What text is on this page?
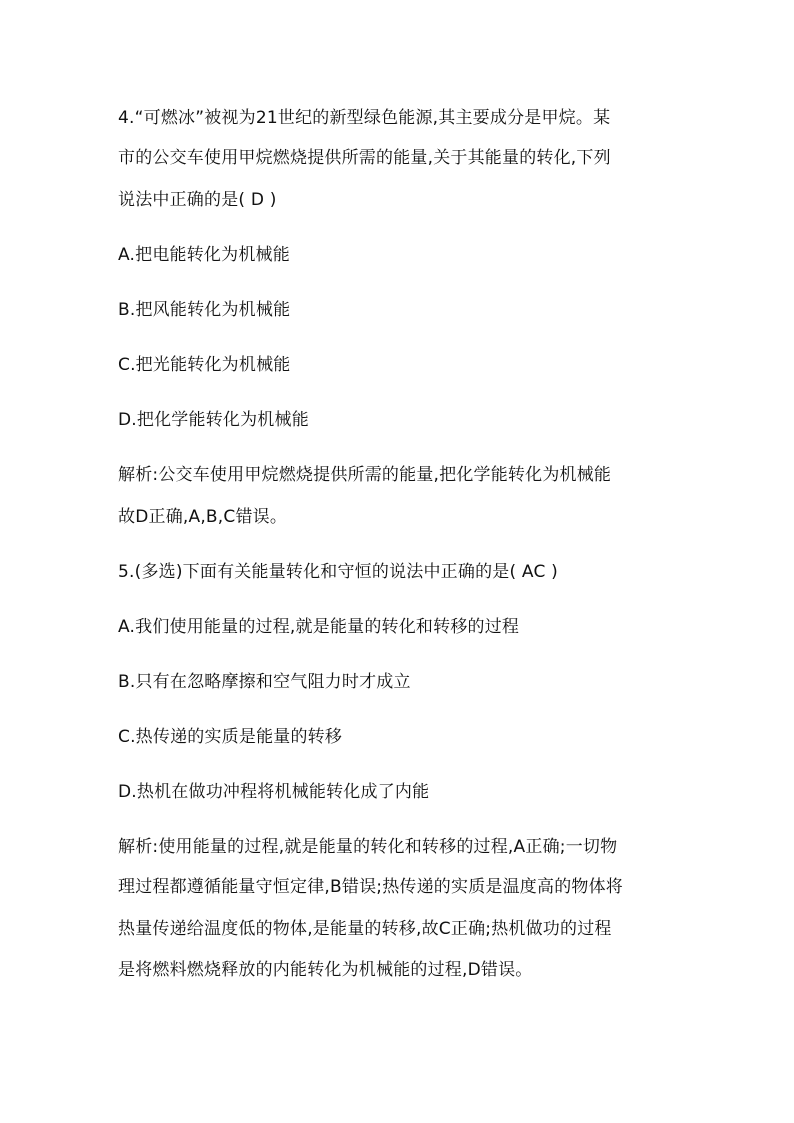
4.“可燃冰”被视为21世纪的新型绿色能源,其主要成分是甲烷。某
市的公交车使用甲烷燃烧提供所需的能量,关于其能量的转化,下列
说法中正确的是( D )
A.把电能转化为机械能
B.把风能转化为机械能
C.把光能转化为机械能
D.把化学能转化为机械能
解析:公交车使用甲烷燃烧提供所需的能量,把化学能转化为机械能
故D正确,A,B,C错误。
5.(多选)下面有关能量转化和守恒的说法中正确的是( AC )
A.我们使用能量的过程,就是能量的转化和转移的过程
B.只有在忽略摩擦和空气阻力时才成立
C.热传递的实质是能量的转移
D.热机在做功冲程将机械能转化成了内能
解析:使用能量的过程,就是能量的转化和转移的过程,A正确;一切物
理过程都遵循能量守恒定律,B错误;热传递的实质是温度高的物体将
热量传递给温度低的物体,是能量的转移,故C正确;热机做功的过程
是将燃料燃烧释放的内能转化为机械能的过程,D错误。
